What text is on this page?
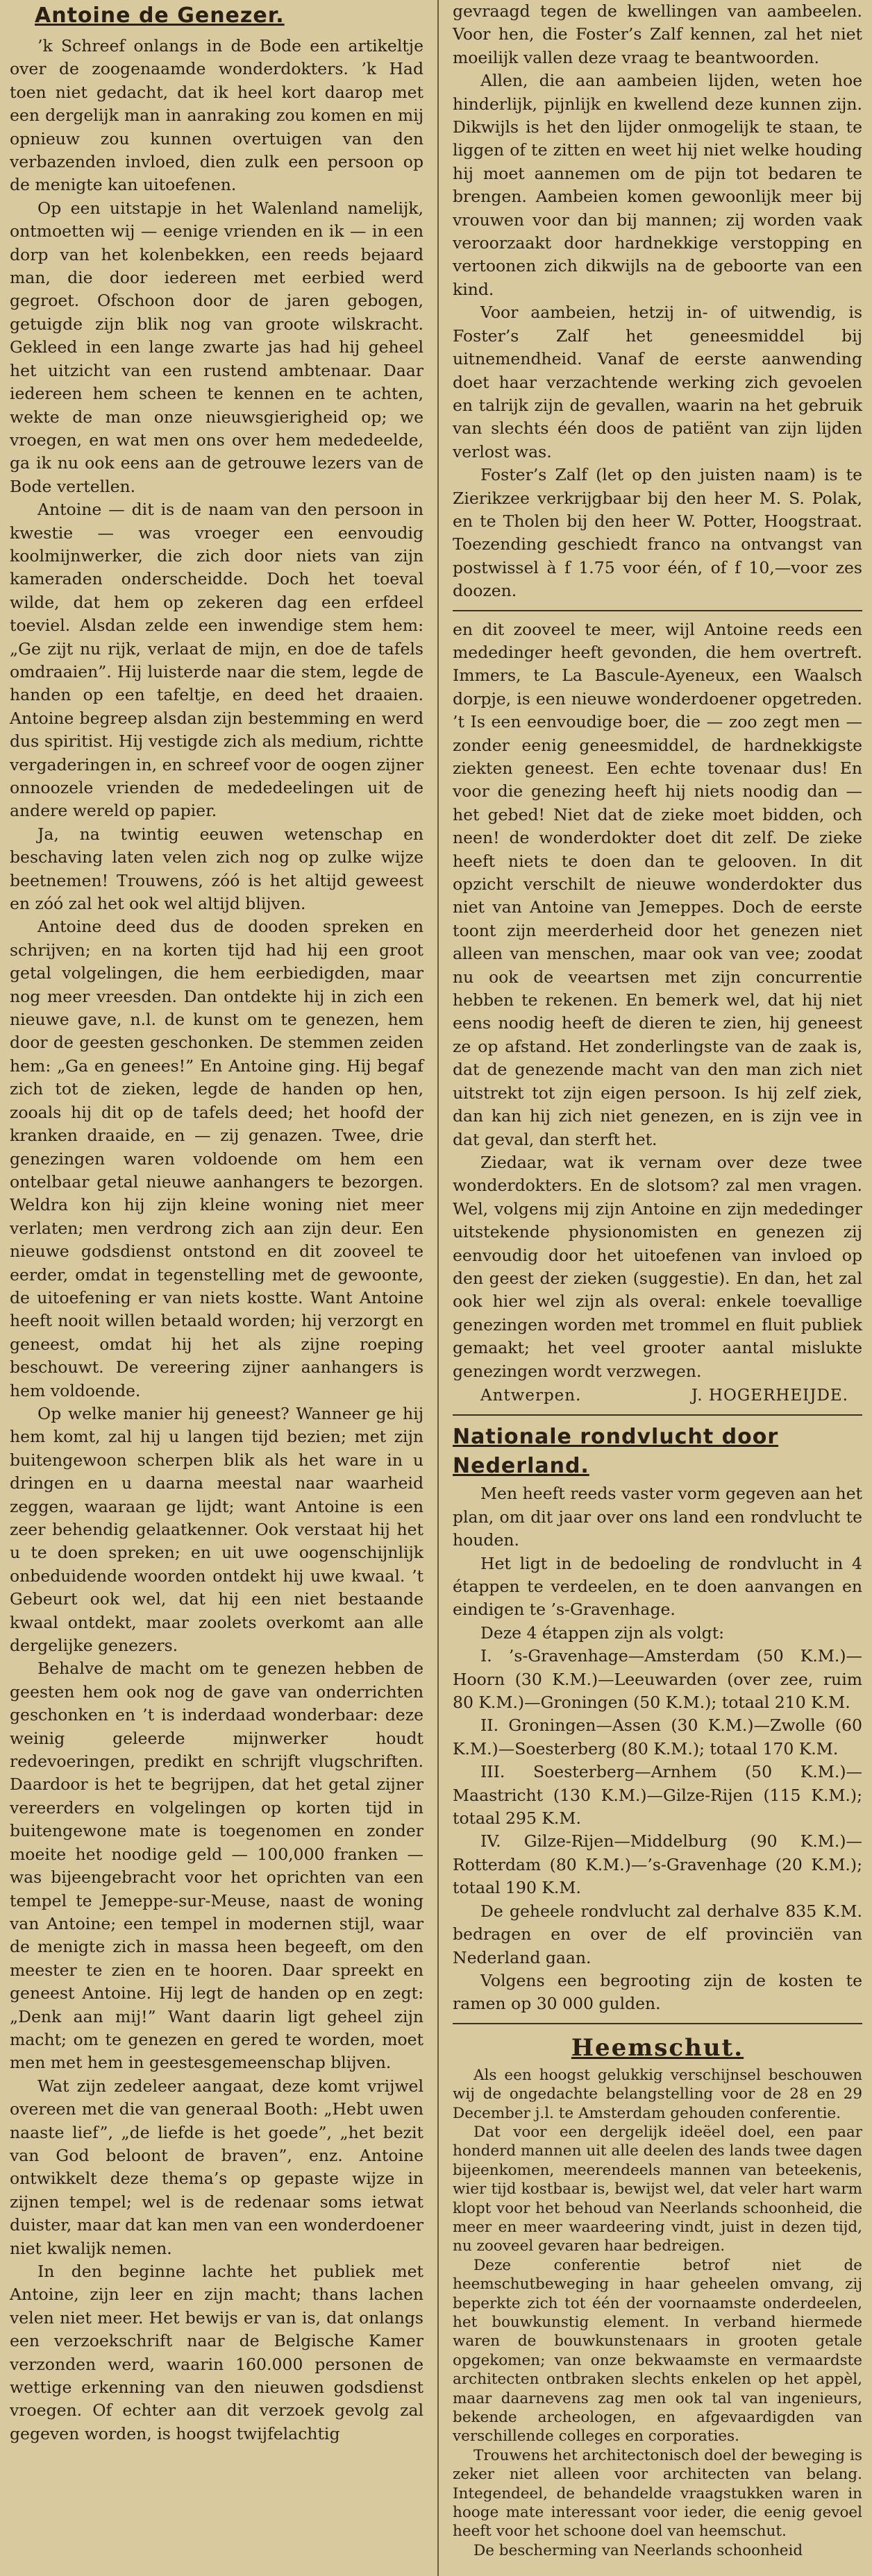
Antoine de Genezer.

’k Schreef onlangs in de Bode een artikeltje over de zoogenaamde wonderdokters. ’k Had toen niet gedacht, dat ik heel kort daarop met een dergelijk man in aanraking zou komen en mij opnieuw zou kunnen overtuigen van den verbazenden invloed, dien zulk een persoon op de menigte kan uitoefenen.

Op een uitstapje in het Walenland namelijk, ontmoetten wij — eenige vrienden en ik — in een dorp van het kolenbekken, een reeds bejaard man, die door iedereen met eerbied werd gegroet. Ofschoon door de jaren gebogen, getuigde zijn blik nog van groote wilskracht. Gekleed in een lange zwarte jas had hij geheel het uitzicht van een rustend ambtenaar. Daar iedereen hem scheen te kennen en te achten, wekte de man onze nieuwsgierigheid op; we vroegen, en wat men ons over hem mededeelde, ga ik nu ook eens aan de getrouwe lezers van de Bode vertellen.

Antoine — dit is de naam van den persoon in kwestie — was vroeger een eenvoudig koolmijnwerker, die zich door niets van zijn kameraden onderscheidde. Doch het toeval wilde, dat hem op zekeren dag een erfdeel toeviel. Alsdan zelde een inwendige stem hem: „Ge zijt nu rijk, verlaat de mijn, en doe de tafels omdraaien”. Hij luisterde naar die stem, legde de handen op een tafeltje, en deed het draaien. Antoine begreep alsdan zijn bestemming en werd dus spiritist. Hij vestigde zich als medium, richtte vergaderingen in, en schreef voor de oogen zijner onnoozele vrienden de mededeelingen uit de andere wereld op papier.

Ja, na twintig eeuwen wetenschap en beschaving laten velen zich nog op zulke wijze beetnemen! Trouwens, zóó is het altijd geweest en zóó zal het ook wel altijd blijven.

Antoine deed dus de dooden spreken en schrijven; en na korten tijd had hij een groot getal volgelingen, die hem eerbiedigden, maar nog meer vreesden. Dan ontdekte hij in zich een nieuwe gave, n.l. de kunst om te genezen, hem door de geesten geschonken. De stemmen zeiden hem: „Ga en genees!” En Antoine ging. Hij begaf zich tot de zieken, legde de handen op hen, zooals hij dit op de tafels deed; het hoofd der kranken draaide, en — zij genazen. Twee, drie genezingen waren voldoende om hem een ontelbaar getal nieuwe aanhangers te bezorgen. Weldra kon hij zijn kleine woning niet meer verlaten; men verdrong zich aan zijn deur. Een nieuwe godsdienst ontstond en dit zooveel te eerder, omdat in tegenstelling met de gewoonte, de uitoefening er van niets kostte. Want Antoine heeft nooit willen betaald worden; hij verzorgt en geneest, omdat hij het als zijne roeping beschouwt. De vereering zijner aanhangers is hem voldoende.

Op welke manier hij geneest? Wanneer ge hij hem komt, zal hij u langen tijd bezien; met zijn buitengewoon scherpen blik als het ware in u dringen en u daarna meestal naar waarheid zeggen, waaraan ge lijdt; want Antoine is een zeer behendig gelaatkenner. Ook verstaat hij het u te doen spreken; en uit uwe oogenschijnlijk onbeduidende woorden ontdekt hij uwe kwaal. ’t Gebeurt ook wel, dat hij een niet bestaande kwaal ontdekt, maar zoolets overkomt aan alle dergelijke genezers.

Behalve de macht om te genezen hebben de geesten hem ook nog de gave van onderrichten geschonken en ’t is inderdaad wonderbaar: deze weinig geleerde mijnwerker houdt redevoeringen, predikt en schrijft vlugschriften. Daardoor is het te begrijpen, dat het getal zijner vereerders en volgelingen op korten tijd in buitengewone mate is toegenomen en zonder moeite het noodige geld — 100,000 franken — was bijeengebracht voor het oprichten van een tempel te Jemeppe-sur-Meuse, naast de woning van Antoine; een tempel in modernen stijl, waar de menigte zich in massa heen begeeft, om den meester te zien en te hooren. Daar spreekt en geneest Antoine. Hij legt de handen op en zegt: „Denk aan mij!” Want daarin ligt geheel zijn macht; om te genezen en gered te worden, moet men met hem in geestesgemeenschap blijven.

Wat zijn zedeleer aangaat, deze komt vrijwel overeen met die van generaal Booth: „Hebt uwen naaste lief”, „de liefde is het goede”, „het bezit van God beloont de braven”, enz. Antoine ontwikkelt deze thema’s op gepaste wijze in zijnen tempel; wel is de redenaar soms ietwat duister, maar dat kan men van een wonderdoener niet kwalijk nemen.

In den beginne lachte het publiek met Antoine, zijn leer en zijn macht; thans lachen velen niet meer. Het bewijs er van is, dat onlangs een verzoekschrift naar de Belgische Kamer verzonden werd, waarin 160.000 personen de wettige erkenning van den nieuwen godsdienst vroegen. Of echter aan dit verzoek gevolg zal gegeven worden, is hoogst twijfelachtig

gevraagd tegen de kwellingen van aambeelen. Voor hen, die Foster’s Zalf kennen, zal het niet moeilijk vallen deze vraag te beantwoorden.

Allen, die aan aambeien lijden, weten hoe hinderlijk, pijnlijk en kwellend deze kunnen zijn. Dikwijls is het den lijder onmogelijk te staan, te liggen of te zitten en weet hij niet welke houding hij moet aannemen om de pijn tot bedaren te brengen. Aambeien komen gewoonlijk meer bij vrouwen voor dan bij mannen; zij worden vaak veroorzaakt door hardnekkige verstopping en vertoonen zich dikwijls na de geboorte van een kind.

Voor aambeien, hetzij in- of uitwendig, is Foster’s Zalf het geneesmiddel bij uitnemendheid. Vanaf de eerste aanwending doet haar verzachtende werking zich gevoelen en talrijk zijn de gevallen, waarin na het gebruik van slechts één doos de patiënt van zijn lijden verlost was.

Foster’s Zalf (let op den juisten naam) is te Zierikzee verkrijgbaar bij den heer M. S. Polak, en te Tholen bij den heer W. Potter, Hoogstraat. Toezending geschiedt franco na ontvangst van postwissel à f 1.75 voor één, of f 10,—voor zes doozen.

en dit zooveel te meer, wijl Antoine reeds een mededinger heeft gevonden, die hem overtreft. Immers, te La Bascule-Ayeneux, een Waalsch dorpje, is een nieuwe wonderdoener opgetreden. ’t Is een eenvoudige boer, die — zoo zegt men — zonder eenig geneesmiddel, de hardnekkigste ziekten geneest. Een echte tovenaar dus! En voor die genezing heeft hij niets noodig dan — het gebed! Niet dat de zieke moet bidden, och neen! de wonderdokter doet dit zelf. De zieke heeft niets te doen dan te gelooven. In dit opzicht verschilt de nieuwe wonderdokter dus niet van Antoine van Jemeppes. Doch de eerste toont zijn meerderheid door het genezen niet alleen van menschen, maar ook van vee; zoodat nu ook de veeartsen met zijn concurrentie hebben te rekenen. En bemerk wel, dat hij niet eens noodig heeft de dieren te zien, hij geneest ze op afstand. Het zonderlingste van de zaak is, dat de genezende macht van den man zich niet uitstrekt tot zijn eigen persoon. Is hij zelf ziek, dan kan hij zich niet genezen, en is zijn vee in dat geval, dan sterft het.

Ziedaar, wat ik vernam over deze twee wonderdokters. En de slotsom? zal men vragen. Wel, volgens mij zijn Antoine en zijn mededinger uitstekende physionomisten en genezen zij eenvoudig door het uitoefenen van invloed op den geest der zieken (suggestie). En dan, het zal ook hier wel zijn als overal: enkele toevallige genezingen worden met trommel en fluit publiek gemaakt; het veel grooter aantal mislukte genezingen wordt verzwegen.

Antwerpen.	J. HOGERHEIJDE.
Nationale rondvlucht door Nederland.

Men heeft reeds vaster vorm gegeven aan het plan, om dit jaar over ons land een rondvlucht te houden.

Het ligt in de bedoeling de rondvlucht in 4 étappen te verdeelen, en te doen aanvangen en eindigen te ’s-Gravenhage.

Deze 4 étappen zijn als volgt:

I. ’s-Gravenhage—Amsterdam (50 K.M.)—Hoorn (30 K.M.)—Leeuwarden (over zee, ruim 80 K.M.)—Groningen (50 K.M.); totaal 210 K.M.

II. Groningen—Assen (30 K.M.)—Zwolle (60 K.M.)—Soesterberg (80 K.M.); totaal 170 K.M.

III. Soesterberg—Arnhem (50 K.M.)—Maastricht (130 K.M.)—Gilze-Rijen (115 K.M.); totaal 295 K.M.

IV. Gilze-Rijen—Middelburg (90 K.M.)—Rotterdam (80 K.M.)—’s-Gravenhage (20 K.M.); totaal 190 K.M.

De geheele rondvlucht zal derhalve 835 K.M. bedragen en over de elf provinciën van Nederland gaan.

Volgens een begrooting zijn de kosten te ramen op 30 000 gulden.

Heemschut.

Als een hoogst gelukkig verschijnsel beschouwen wij de ongedachte belangstelling voor de 28 en 29 December j.l. te Amsterdam gehouden conferentie.

Dat voor een dergelijk ideëel doel, een paar honderd mannen uit alle deelen des lands twee dagen bijeenkomen, meerendeels mannen van beteekenis, wier tijd kostbaar is, bewijst wel, dat veler hart warm klopt voor het behoud van Neerlands schoonheid, die meer en meer waardeering vindt, juist in dezen tijd, nu zooveel gevaren haar bedreigen.

Deze conferentie betrof niet de heemschutbeweging in haar geheelen omvang, zij beperkte zich tot één der voornaamste onderdeelen, het bouwkunstig element. In verband hiermede waren de bouwkunstenaars in grooten getale opgekomen; van onze bekwaamste en vermaardste architecten ontbraken slechts enkelen op het appèl, maar daarnevens zag men ook tal van ingenieurs, bekende archeologen, en afgevaardigden van verschillende colleges en corporaties.

Trouwens het architectonisch doel der beweging is zeker niet alleen voor architecten van belang. Integendeel, de behandelde vraagstukken waren in hooge mate interessant voor ieder, die eenig gevoel heeft voor het schoone doel van heemschut.

De bescherming van Neerlands schoonheid
